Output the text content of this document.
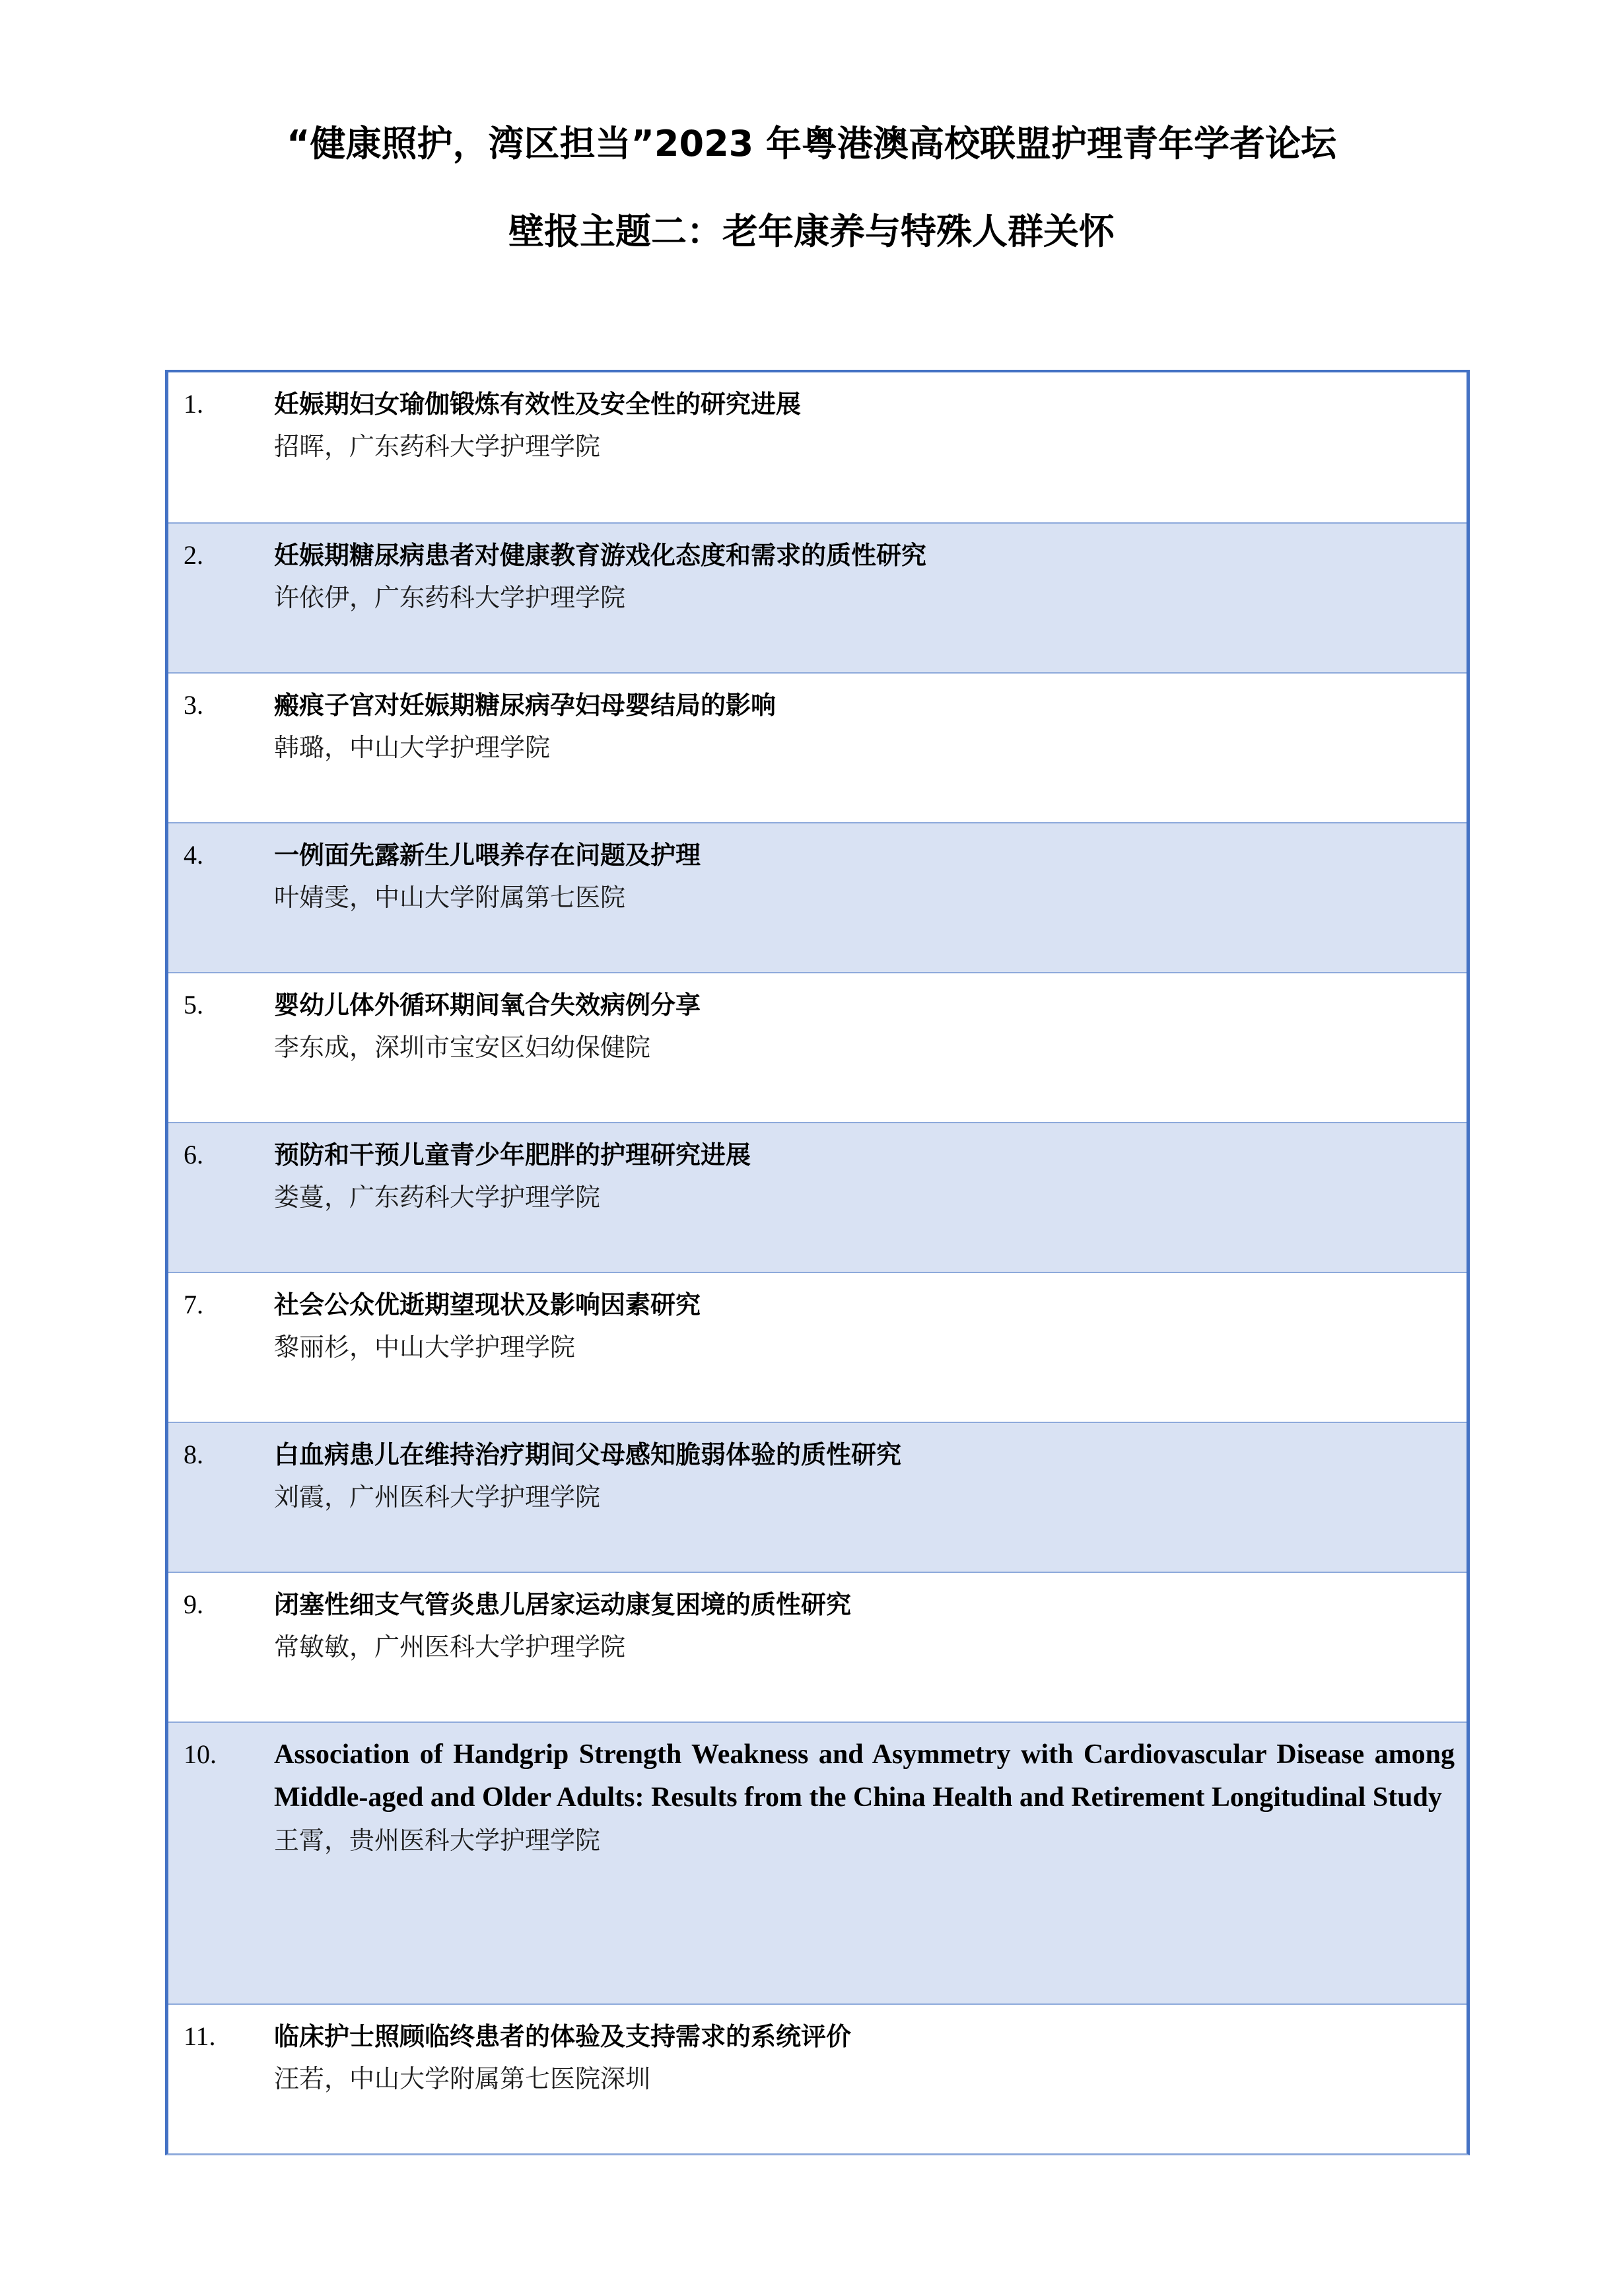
“健康照护，湾区担当”2023 年粤港澳高校联盟护理青年学者论坛
壁报主题二：老年康养与特殊人群关怀
1.	妊娠期妇女瑜伽锻炼有效性及安全性的研究进展
招晖，广东药科大学护理学院
2.	妊娠期糖尿病患者对健康教育游戏化态度和需求的质性研究
许依伊，广东药科大学护理学院
3.	瘢痕子宫对妊娠期糖尿病孕妇母婴结局的影响
韩璐，中山大学护理学院
4.	一例面先露新生儿喂养存在问题及护理
叶婧雯，中山大学附属第七医院
5.	婴幼儿体外循环期间氧合失效病例分享
李东成，深圳市宝安区妇幼保健院
6.	预防和干预儿童青少年肥胖的护理研究进展
娄蔓，广东药科大学护理学院
7.	社会公众优逝期望现状及影响因素研究
黎丽杉，中山大学护理学院
8.	白血病患儿在维持治疗期间父母感知脆弱体验的质性研究
刘霞，广州医科大学护理学院
9.	闭塞性细支气管炎患儿居家运动康复困境的质性研究
常敏敏，广州医科大学护理学院
10. Association of Handgrip Strength Weakness and Asymmetry with Cardiovascular Disease among Middle-aged and Older Adults: Results from the China Health and Retirement Longitudinal Study
王霄，贵州医科大学护理学院
11. 临床护士照顾临终患者的体验及支持需求的系统评价
汪若，中山大学附属第七医院深圳
